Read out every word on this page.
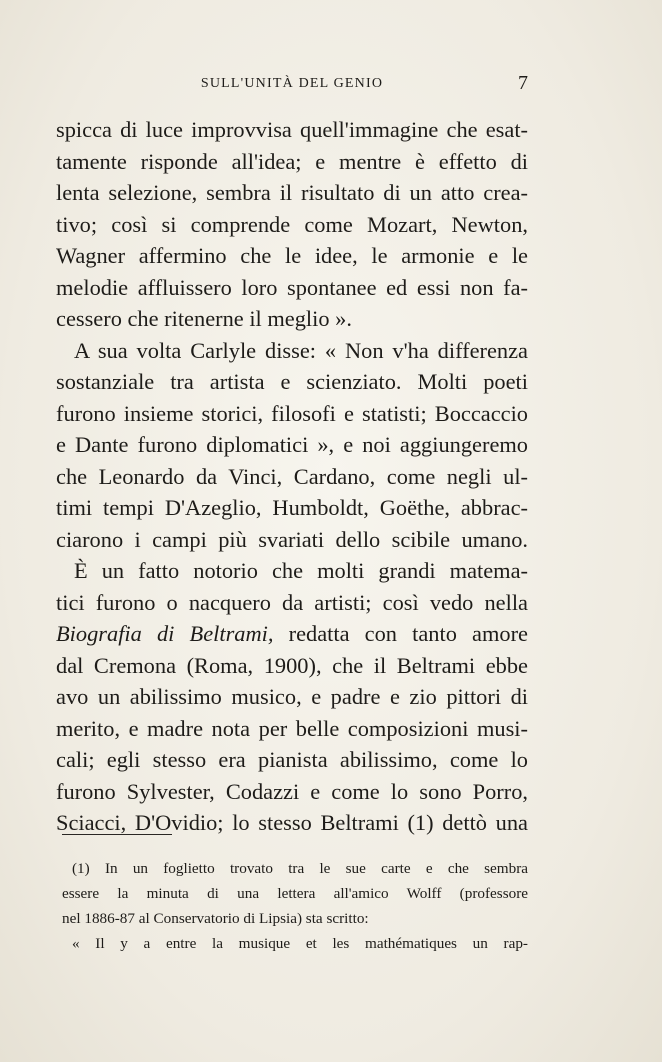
SULL'UNITÀ DEL GENIO	7
spicca di luce improvvisa quell'immagine che esat-
tamente risponde all'idea; e mentre è effetto di
lenta selezione, sembra il risultato di un atto crea-
tivo; così si comprende come Mozart, Newton,
Wagner affermino che le idee, le armonie e le
melodie affluissero loro spontanee ed essi non fa-
cessero che ritenerne il meglio ».
A sua volta Carlyle disse: « Non v'ha differenza
sostanziale tra artista e scienziato. Molti poeti
furono insieme storici, filosofi e statisti; Boccaccio
e Dante furono diplomatici », e noi aggiungeremo
che Leonardo da Vinci, Cardano, come negli ul-
timi tempi D'Azeglio, Humboldt, Goëthe, abbrac-
ciarono i campi più svariati dello scibile umano.
È un fatto notorio che molti grandi matema-
tici furono o nacquero da artisti; così vedo nella
Biografia di Beltrami, redatta con tanto amore
dal Cremona (Roma, 1900), che il Beltrami ebbe
avo un abilissimo musico, e padre e zio pittori di
merito, e madre nota per belle composizioni musi-
cali; egli stesso era pianista abilissimo, come lo
furono Sylvester, Codazzi e come lo sono Porro,
Sciacci, D'Ovidio; lo stesso Beltrami (1) dettò una
(1) In un foglietto trovato tra le sue carte e che sembra
essere la minuta di una lettera all'amico Wolff (professore
nel 1886-87 al Conservatorio di Lipsia) sta scritto:
« Il y a entre la musique et les mathématiques un rap-
